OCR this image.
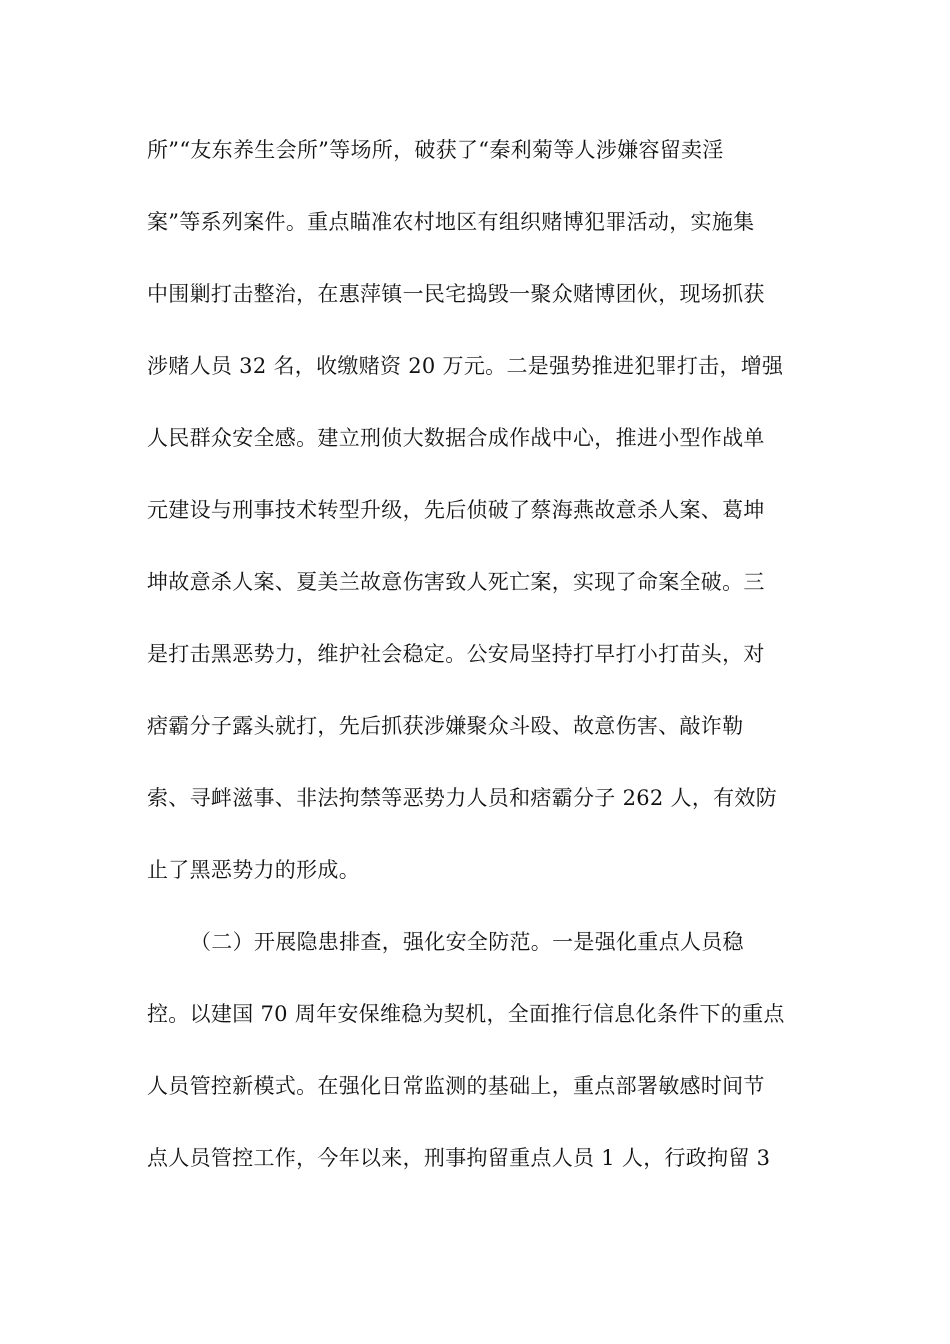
所”“友东养生会所”等场所，破获了“秦利菊等人涉嫌容留卖淫
案”等系列案件。重点瞄准农村地区有组织赌博犯罪活动，实施集
中围剿打击整治，在惠萍镇一民宅捣毁一聚众赌博团伙，现场抓获
涉赌人员 32 名，收缴赌资 20 万元。二是强势推进犯罪打击，增强
人民群众安全感。建立刑侦大数据合成作战中心，推进小型作战单
元建设与刑事技术转型升级，先后侦破了蔡海燕故意杀人案、葛坤
坤故意杀人案、夏美兰故意伤害致人死亡案，实现了命案全破。三
是打击黑恶势力，维护社会稳定。公安局坚持打早打小打苗头，对
痞霸分子露头就打，先后抓获涉嫌聚众斗殴、故意伤害、敲诈勒
索、寻衅滋事、非法拘禁等恶势力人员和痞霸分子 262 人，有效防
止了黑恶势力的形成。
（二）开展隐患排查，强化安全防范。一是强化重点人员稳
控。以建国 70 周年安保维稳为契机，全面推行信息化条件下的重点
人员管控新模式。在强化日常监测的基础上，重点部署敏感时间节
点人员管控工作，今年以来，刑事拘留重点人员 1 人，行政拘留 3
